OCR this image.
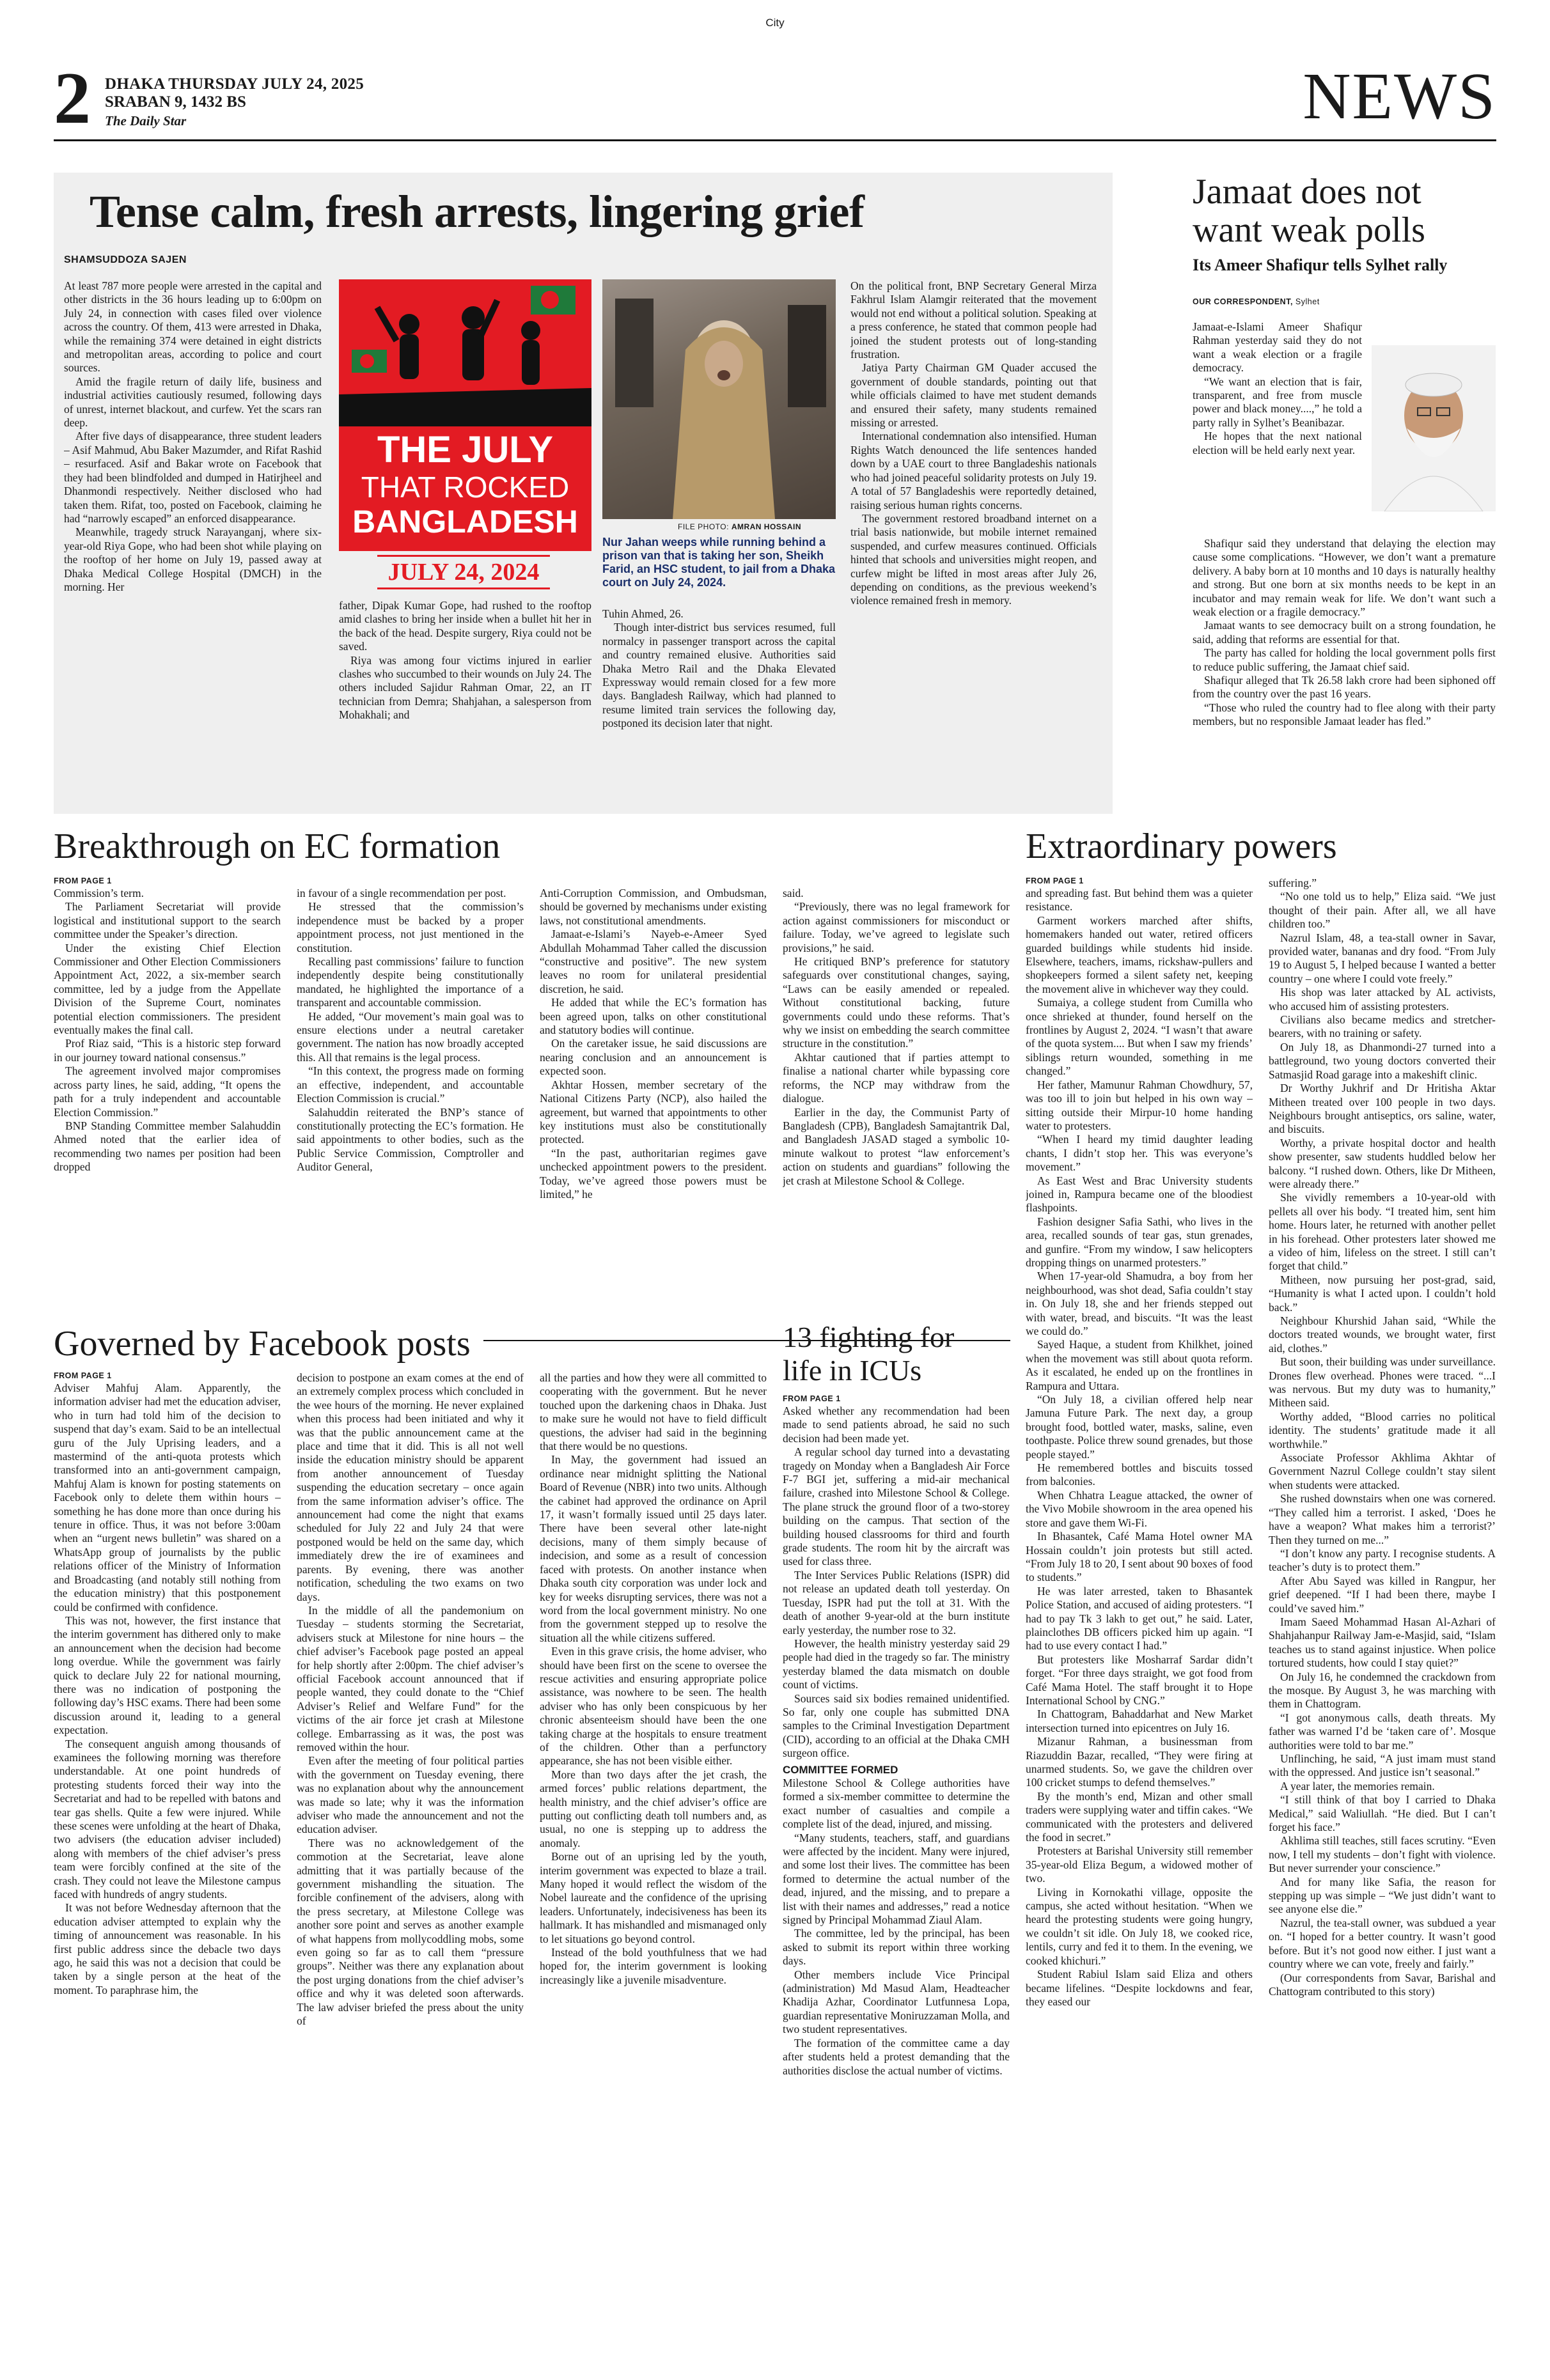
City
2 DHAKA THURSDAY JULY 24, 2025
SRABAN 9, 1432 BS
The Daily Star	NEWS
Tense calm, fresh arrests, lingering grief
SHAMSUDDOZA SAJEN

At least 787 more people were arrested in the capital and other districts in the 36 hours leading up to 6:00pm on July 24, in connection with cases filed over violence across the country. Of them, 413 were arrested in Dhaka, while the remaining 374 were detained in eight districts and metropolitan areas, according to police and court sources.

Amid the fragile return of daily life, business and industrial activities cautiously resumed, following days of unrest, internet blackout, and curfew. Yet the scars ran deep.

After five days of disappearance, three student leaders – Asif Mahmud, Abu Baker Mazumder, and Rifat Rashid – resurfaced. Asif and Bakar wrote on Facebook that they had been blindfolded and dumped in Hatirjheel and Dhanmondi respectively. Neither disclosed who had taken them. Rifat, too, posted on Facebook, claiming he had “narrowly escaped” an enforced disappearance.

Meanwhile, tragedy struck Narayanganj, where six-year-old Riya Gope, who had been shot while playing on the rooftop of her home on July 19, passed away at Dhaka Medical College Hospital (DMCH) in the morning. Her

THE JULY
THAT ROCKED
BANGLADESH
JULY 24, 2024

father, Dipak Kumar Gope, had rushed to the rooftop amid clashes to bring her inside when a bullet hit her in the back of the head. Despite surgery, Riya could not be saved.

Riya was among four victims injured in earlier clashes who succumbed to their wounds on July 24. The others included Sajidur Rahman Omar, 22, an IT technician from Demra; Shahjahan, a salesperson from Mohakhali; and

FILE PHOTO: AMRAN HOSSAIN
Nur Jahan weeps while running behind a prison van that is taking her son, Sheikh Farid, an HSC student, to jail from a Dhaka court on July 24, 2024.

Tuhin Ahmed, 26.

Though inter-district bus services resumed, full normalcy in passenger transport across the capital and country remained elusive. Authorities said Dhaka Metro Rail and the Dhaka Elevated Expressway would remain closed for a few more days. Bangladesh Railway, which had planned to resume limited train services the following day, postponed its decision later that night.

On the political front, BNP Secretary General Mirza Fakhrul Islam Alamgir reiterated that the movement would not end without a political solution. Speaking at a press conference, he stated that common people had joined the student protests out of long-standing frustration.

Jatiya Party Chairman GM Quader accused the government of double standards, pointing out that while officials claimed to have met student demands and ensured their safety, many students remained missing or arrested.

International condemnation also intensified. Human Rights Watch denounced the life sentences handed down by a UAE court to three Bangladeshis nationals who had joined peaceful solidarity protests on July 19. A total of 57 Bangladeshis were reportedly detained, raising serious human rights concerns.

The government restored broadband internet on a trial basis nationwide, but mobile internet remained suspended, and curfew measures continued. Officials hinted that schools and universities might reopen, and curfew might be lifted in most areas after July 26, depending on conditions, as the previous weekend’s violence remained fresh in memory.

Jamaat does not want weak polls
Its Ameer Shafiqur tells Sylhet rally
OUR CORRESPONDENT, Sylhet

Jamaat-e-Islami Ameer Shafiqur Rahman yesterday said they do not want a weak election or a fragile democracy.

“We want an election that is fair, transparent, and free from muscle power and black money....,” he told a party rally in Sylhet’s Beanibazar.

He hopes that the next national election will be held early next year.

Shafiqur said they understand that delaying the election may cause some complications. “However, we don’t want a premature delivery. A baby born at 10 months and 10 days is naturally healthy and strong. But one born at six months needs to be kept in an incubator and may remain weak for life. We don’t want such a weak election or a fragile democracy.”

Jamaat wants to see democracy built on a strong foundation, he said, adding that reforms are essential for that.

The party has called for holding the local government polls first to reduce public suffering, the Jamaat chief said.

Shafiqur alleged that Tk 26.58 lakh crore had been siphoned off from the country over the past 16 years.

“Those who ruled the country had to flee along with their party members, but no responsible Jamaat leader has fled.”

Breakthrough on EC formation
FROM PAGE 1

Commission’s term.

The Parliament Secretariat will provide logistical and institutional support to the search committee under the Speaker’s direction.

Under the existing Chief Election Commissioner and Other Election Commissioners Appointment Act, 2022, a six-member search committee, led by a judge from the Appellate Division of the Supreme Court, nominates potential election commissioners. The president eventually makes the final call.

Prof Riaz said, “This is a historic step forward in our journey toward national consensus.”

The agreement involved major compromises across party lines, he said, adding, “It opens the path for a truly independent and accountable Election Commission.”

BNP Standing Committee member Salahuddin Ahmed noted that the earlier idea of recommending two names per position had been dropped

in favour of a single recommendation per post.

He stressed that the commission’s independence must be backed by a proper appointment process, not just mentioned in the constitution.

Recalling past commissions’ failure to function independently despite being constitutionally mandated, he highlighted the importance of a transparent and accountable commission.

He added, “Our movement’s main goal was to ensure elections under a neutral caretaker government. The nation has now broadly accepted this. All that remains is the legal process.

“In this context, the progress made on forming an effective, independent, and accountable Election Commission is crucial.”

Salahuddin reiterated the BNP’s stance of constitutionally protecting the EC’s formation. He said appointments to other bodies, such as the Public Service Commission, Comptroller and Auditor General,

Anti-Corruption Commission, and Ombudsman, should be governed by mechanisms under existing laws, not constitutional amendments.

Jamaat-e-Islami’s Nayeb-e-Ameer Syed Abdullah Mohammad Taher called the discussion “constructive and positive”. The new system leaves no room for unilateral presidential discretion, he said.

He added that while the EC’s formation has been agreed upon, talks on other constitutional and statutory bodies will continue.

On the caretaker issue, he said discussions are nearing conclusion and an announcement is expected soon.

Akhtar Hossen, member secretary of the National Citizens Party (NCP), also hailed the agreement, but warned that appointments to other key institutions must also be constitutionally protected.

“In the past, authoritarian regimes gave unchecked appointment powers to the president. Today, we’ve agreed those powers must be limited,” he

said.

“Previously, there was no legal framework for action against commissioners for misconduct or failure. Today, we’ve agreed to legislate such provisions,” he said.

He critiqued BNP’s preference for statutory safeguards over constitutional changes, saying, “Laws can be easily amended or repealed. Without constitutional backing, future governments could undo these reforms. That’s why we insist on embedding the search committee structure in the constitution.”

Akhtar cautioned that if parties attempt to finalise a national charter while bypassing core reforms, the NCP may withdraw from the dialogue.

Earlier in the day, the Communist Party of Bangladesh (CPB), Bangladesh Samajtantrik Dal, and Bangladesh JASAD staged a symbolic 10-minute walkout to protest “law enforcement’s action on students and guardians” following the jet crash at Milestone School & College.

Governed by Facebook posts
FROM PAGE 1

Adviser Mahfuj Alam. Apparently, the information adviser had met the education adviser, who in turn had told him of the decision to suspend that day’s exam. Said to be an intellectual guru of the July Uprising leaders, and a mastermind of the anti-quota protests which transformed into an anti-government campaign, Mahfuj Alam is known for posting statements on Facebook only to delete them within hours – something he has done more than once during his tenure in office. Thus, it was not before 3:00am when an “urgent news bulletin” was shared on a WhatsApp group of journalists by the public relations officer of the Ministry of Information and Broadcasting (and notably still nothing from the education ministry) that this postponement could be confirmed with confidence.

This was not, however, the first instance that the interim government has dithered only to make an announcement when the decision had become long overdue. While the government was fairly quick to declare July 22 for national mourning, there was no indication of postponing the following day’s HSC exams. There had been some discussion around it, leading to a general expectation.

The consequent anguish among thousands of examinees the following morning was therefore understandable. At one point hundreds of protesting students forced their way into the Secretariat and had to be repelled with batons and tear gas shells. Quite a few were injured. While these scenes were unfolding at the heart of Dhaka, two advisers (the education adviser included) along with members of the chief adviser’s press team were forcibly confined at the site of the crash. They could not leave the Milestone campus faced with hundreds of angry students.

It was not before Wednesday afternoon that the education adviser attempted to explain why the timing of announcement was reasonable. In his first public address since the debacle two days ago, he said this was not a decision that could be taken by a single person at the heat of the moment. To paraphrase him, the

decision to postpone an exam comes at the end of an extremely complex process which concluded in the wee hours of the morning. He never explained when this process had been initiated and why it was that the public announcement came at the place and time that it did. This is all not well inside the education ministry should be apparent from another announcement of Tuesday suspending the education secretary – once again from the same information adviser’s office. The announcement had come the night that exams scheduled for July 22 and July 24 that were postponed would be held on the same day, which immediately drew the ire of examinees and parents. By evening, there was another notification, scheduling the two exams on two days.

In the middle of all the pandemonium on Tuesday – students storming the Secretariat, advisers stuck at Milestone for nine hours – the chief adviser’s Facebook page posted an appeal for help shortly after 2:00pm. The chief adviser’s official Facebook account announced that if people wanted, they could donate to the “Chief Adviser’s Relief and Welfare Fund” for the victims of the air force jet crash at Milestone college. Embarrassing as it was, the post was removed within the hour.

Even after the meeting of four political parties with the government on Tuesday evening, there was no explanation about why the announcement was made so late; why it was the information adviser who made the announcement and not the education adviser.

There was no acknowledgement of the commotion at the Secretariat, leave alone admitting that it was partially because of the government mishandling the situation. The forcible confinement of the advisers, along with the press secretary, at Milestone College was another sore point and serves as another example of what happens from mollycoddling mobs, some even going so far as to call them “pressure groups”. Neither was there any explanation about the post urging donations from the chief adviser’s office and why it was deleted soon afterwards. The law adviser briefed the press about the unity of

all the parties and how they were all committed to cooperating with the government. But he never touched upon the darkening chaos in Dhaka. Just to make sure he would not have to field difficult questions, the adviser had said in the beginning that there would be no questions.

In May, the government had issued an ordinance near midnight splitting the National Board of Revenue (NBR) into two units. Although the cabinet had approved the ordinance on April 17, it wasn’t formally issued until 25 days later. There have been several other late-night decisions, many of them simply because of indecision, and some as a result of concession faced with protests. On another instance when Dhaka south city corporation was under lock and key for weeks disrupting services, there was not a word from the local government ministry. No one from the government stepped up to resolve the situation all the while citizens suffered.

Even in this grave crisis, the home adviser, who should have been first on the scene to oversee the rescue activities and ensuring appropriate police assistance, was nowhere to be seen. The health adviser who has only been conspicuous by her chronic absenteeism should have been the one taking charge at the hospitals to ensure treatment of the children. Other than a perfunctory appearance, she has not been visible either.

More than two days after the jet crash, the armed forces’ public relations department, the health ministry, and the chief adviser’s office are putting out conflicting death toll numbers and, as usual, no one is stepping up to address the anomaly.

Borne out of an uprising led by the youth, interim government was expected to blaze a trail. Many hoped it would reflect the wisdom of the Nobel laureate and the confidence of the uprising leaders. Unfortunately, indecisiveness has been its hallmark. It has mishandled and mismanaged only to let situations go beyond control.

Instead of the bold youthfulness that we had hoped for, the interim government is looking increasingly like a juvenile misadventure.

13 fighting for life in ICUs
FROM PAGE 1

Asked whether any recommendation had been made to send patients abroad, he said no such decision had been made yet.

A regular school day turned into a devastating tragedy on Monday when a Bangladesh Air Force F-7 BGI jet, suffering a mid-air mechanical failure, crashed into Milestone School & College. The plane struck the ground floor of a two-storey building on the campus. That section of the building housed classrooms for third and fourth grade students. The room hit by the aircraft was used for class three.

The Inter Services Public Relations (ISPR) did not release an updated death toll yesterday. On Tuesday, ISPR had put the toll at 31. With the death of another 9-year-old at the burn institute early yesterday, the number rose to 32.

However, the health ministry yesterday said 29 people had died in the tragedy so far. The ministry yesterday blamed the data mismatch on double count of victims.

Sources said six bodies remained unidentified. So far, only one couple has submitted DNA samples to the Criminal Investigation Department (CID), according to an official at the Dhaka CMH surgeon office.

COMMITTEE FORMED

Milestone School & College authorities have formed a six-member committee to determine the exact number of casualties and compile a complete list of the dead, injured, and missing.

“Many students, teachers, staff, and guardians were affected by the incident. Many were injured, and some lost their lives. The committee has been formed to determine the actual number of the dead, injured, and the missing, and to prepare a list with their names and addresses,” read a notice signed by Principal Mohammad Ziaul Alam.

The committee, led by the principal, has been asked to submit its report within three working days.

Other members include Vice Principal (administration) Md Masud Alam, Headteacher Khadija Azhar, Coordinator Lutfunnesa Lopa, guardian representative Moniruzzaman Molla, and two student representatives.

The formation of the committee came a day after students held a protest demanding that the authorities disclose the actual number of victims.

Extraordinary powers
FROM PAGE 1

and spreading fast. But behind them was a quieter resistance.

Garment workers marched after shifts, homemakers handed out water, retired officers guarded buildings while students hid inside. Elsewhere, teachers, imams, rickshaw-pullers and shopkeepers formed a silent safety net, keeping the movement alive in whichever way they could.

Sumaiya, a college student from Cumilla who once shrieked at thunder, found herself on the frontlines by August 2, 2024. “I wasn’t that aware of the quota system.... But when I saw my friends’ siblings return wounded, something in me changed.”

Her father, Mamunur Rahman Chowdhury, 57, was too ill to join but helped in his own way – sitting outside their Mirpur-10 home handing water to protesters.

“When I heard my timid daughter leading chants, I didn’t stop her. This was everyone’s movement.”

As East West and Brac University students joined in, Rampura became one of the bloodiest flashpoints.

Fashion designer Safia Sathi, who lives in the area, recalled sounds of tear gas, stun grenades, and gunfire. “From my window, I saw helicopters dropping things on unarmed protesters.”

When 17-year-old Shamudra, a boy from her neighbourhood, was shot dead, Safia couldn’t stay in. On July 18, she and her friends stepped out with water, bread, and biscuits. “It was the least we could do.”

Sayed Haque, a student from Khilkhet, joined when the movement was still about quota reform. As it escalated, he ended up on the frontlines in Rampura and Uttara.

“On July 18, a civilian offered help near Jamuna Future Park. The next day, a group brought food, bottled water, masks, saline, even toothpaste. Police threw sound grenades, but those people stayed.”

He remembered bottles and biscuits tossed from balconies.

When Chhatra League attacked, the owner of the Vivo Mobile showroom in the area opened his store and gave them Wi-Fi.

In Bhasantek, Café Mama Hotel owner MA Hossain couldn’t join protests but still acted. “From July 18 to 20, I sent about 90 boxes of food to students.”

He was later arrested, taken to Bhasantek Police Station, and accused of aiding protesters. “I had to pay Tk 3 lakh to get out,” he said. Later, plainclothes DB officers picked him up again. “I had to use every contact I had.”

But protesters like Mosharraf Sardar didn’t forget. “For three days straight, we got food from Café Mama Hotel. The staff brought it to Hope International School by CNG.”

In Chattogram, Bahaddarhat and New Market intersection turned into epicentres on July 16.

Mizanur Rahman, a businessman from Riazuddin Bazar, recalled, “They were firing at unarmed students. So, we gave the children over 100 cricket stumps to defend themselves.”

By the month’s end, Mizan and other small traders were supplying water and tiffin cakes. “We communicated with the protesters and delivered the food in secret.”

Protesters at Barishal University still remember 35-year-old Eliza Begum, a widowed mother of two.

Living in Kornokathi village, opposite the campus, she acted without hesitation. “When we heard the protesting students were going hungry, we couldn’t sit idle. On July 18, we cooked rice, lentils, curry and fed it to them. In the evening, we cooked khichuri.”

Student Rabiul Islam said Eliza and others became lifelines. “Despite lockdowns and fear, they eased our

suffering.”

“No one told us to help,” Eliza said. “We just thought of their pain. After all, we all have children too.”

Nazrul Islam, 48, a tea-stall owner in Savar, provided water, bananas and dry food. “From July 19 to August 5, I helped because I wanted a better country – one where I could vote freely.”

His shop was later attacked by AL activists, who accused him of assisting protesters.

Civilians also became medics and stretcher-bearers, with no training or safety.

On July 18, as Dhanmondi-27 turned into a battleground, two young doctors converted their Satmasjid Road garage into a makeshift clinic.

Dr Worthy Jukhrif and Dr Hritisha Aktar Mitheen treated over 100 people in two days. Neighbours brought antiseptics, ors saline, water, and biscuits.

Worthy, a private hospital doctor and health show presenter, saw students huddled below her balcony. “I rushed down. Others, like Dr Mitheen, were already there.”

She vividly remembers a 10-year-old with pellets all over his body. “I treated him, sent him home. Hours later, he returned with another pellet in his forehead. Other protesters later showed me a video of him, lifeless on the street. I still can’t forget that child.”

Mitheen, now pursuing her post-grad, said, “Humanity is what I acted upon. I couldn’t hold back.”

Neighbour Khurshid Jahan said, “While the doctors treated wounds, we brought water, first aid, clothes.”

But soon, their building was under surveillance. Drones flew overhead. Phones were traced. “...I was nervous. But my duty was to humanity,” Mitheen said.

Worthy added, “Blood carries no political identity. The students’ gratitude made it all worthwhile.”

Associate Professor Akhlima Akhtar of Government Nazrul College couldn’t stay silent when students were attacked.

She rushed downstairs when one was cornered. “They called him a terrorist. I asked, ‘Does he have a weapon? What makes him a terrorist?’ Then they turned on me...”

“I don’t know any party. I recognise students. A teacher’s duty is to protect them.”

After Abu Sayed was killed in Rangpur, her grief deepened. “If I had been there, maybe I could’ve saved him.”

Imam Saeed Mohammad Hasan Al-Azhari of Shahjahanpur Railway Jam-e-Masjid, said, “Islam teaches us to stand against injustice. When police tortured students, how could I stay quiet?”

On July 16, he condemned the crackdown from the mosque. By August 3, he was marching with them in Chattogram.

“I got anonymous calls, death threats. My father was warned I’d be ‘taken care of’. Mosque authorities were told to bar me.”

Unflinching, he said, “A just imam must stand with the oppressed. And justice isn’t seasonal.”

A year later, the memories remain.

“I still think of that boy I carried to Dhaka Medical,” said Waliullah. “He died. But I can’t forget his face.”

Akhlima still teaches, still faces scrutiny. “Even now, I tell my students – don’t fight with violence. But never surrender your conscience.”

And for many like Safia, the reason for stepping up was simple – “We just didn’t want to see anyone else die.”

Nazrul, the tea-stall owner, was subdued a year on. “I hoped for a better country. It wasn’t good before. But it’s not good now either. I just want a country where we can vote, freely and fairly.”

(Our correspondents from Savar, Barishal and Chattogram contributed to this story)
